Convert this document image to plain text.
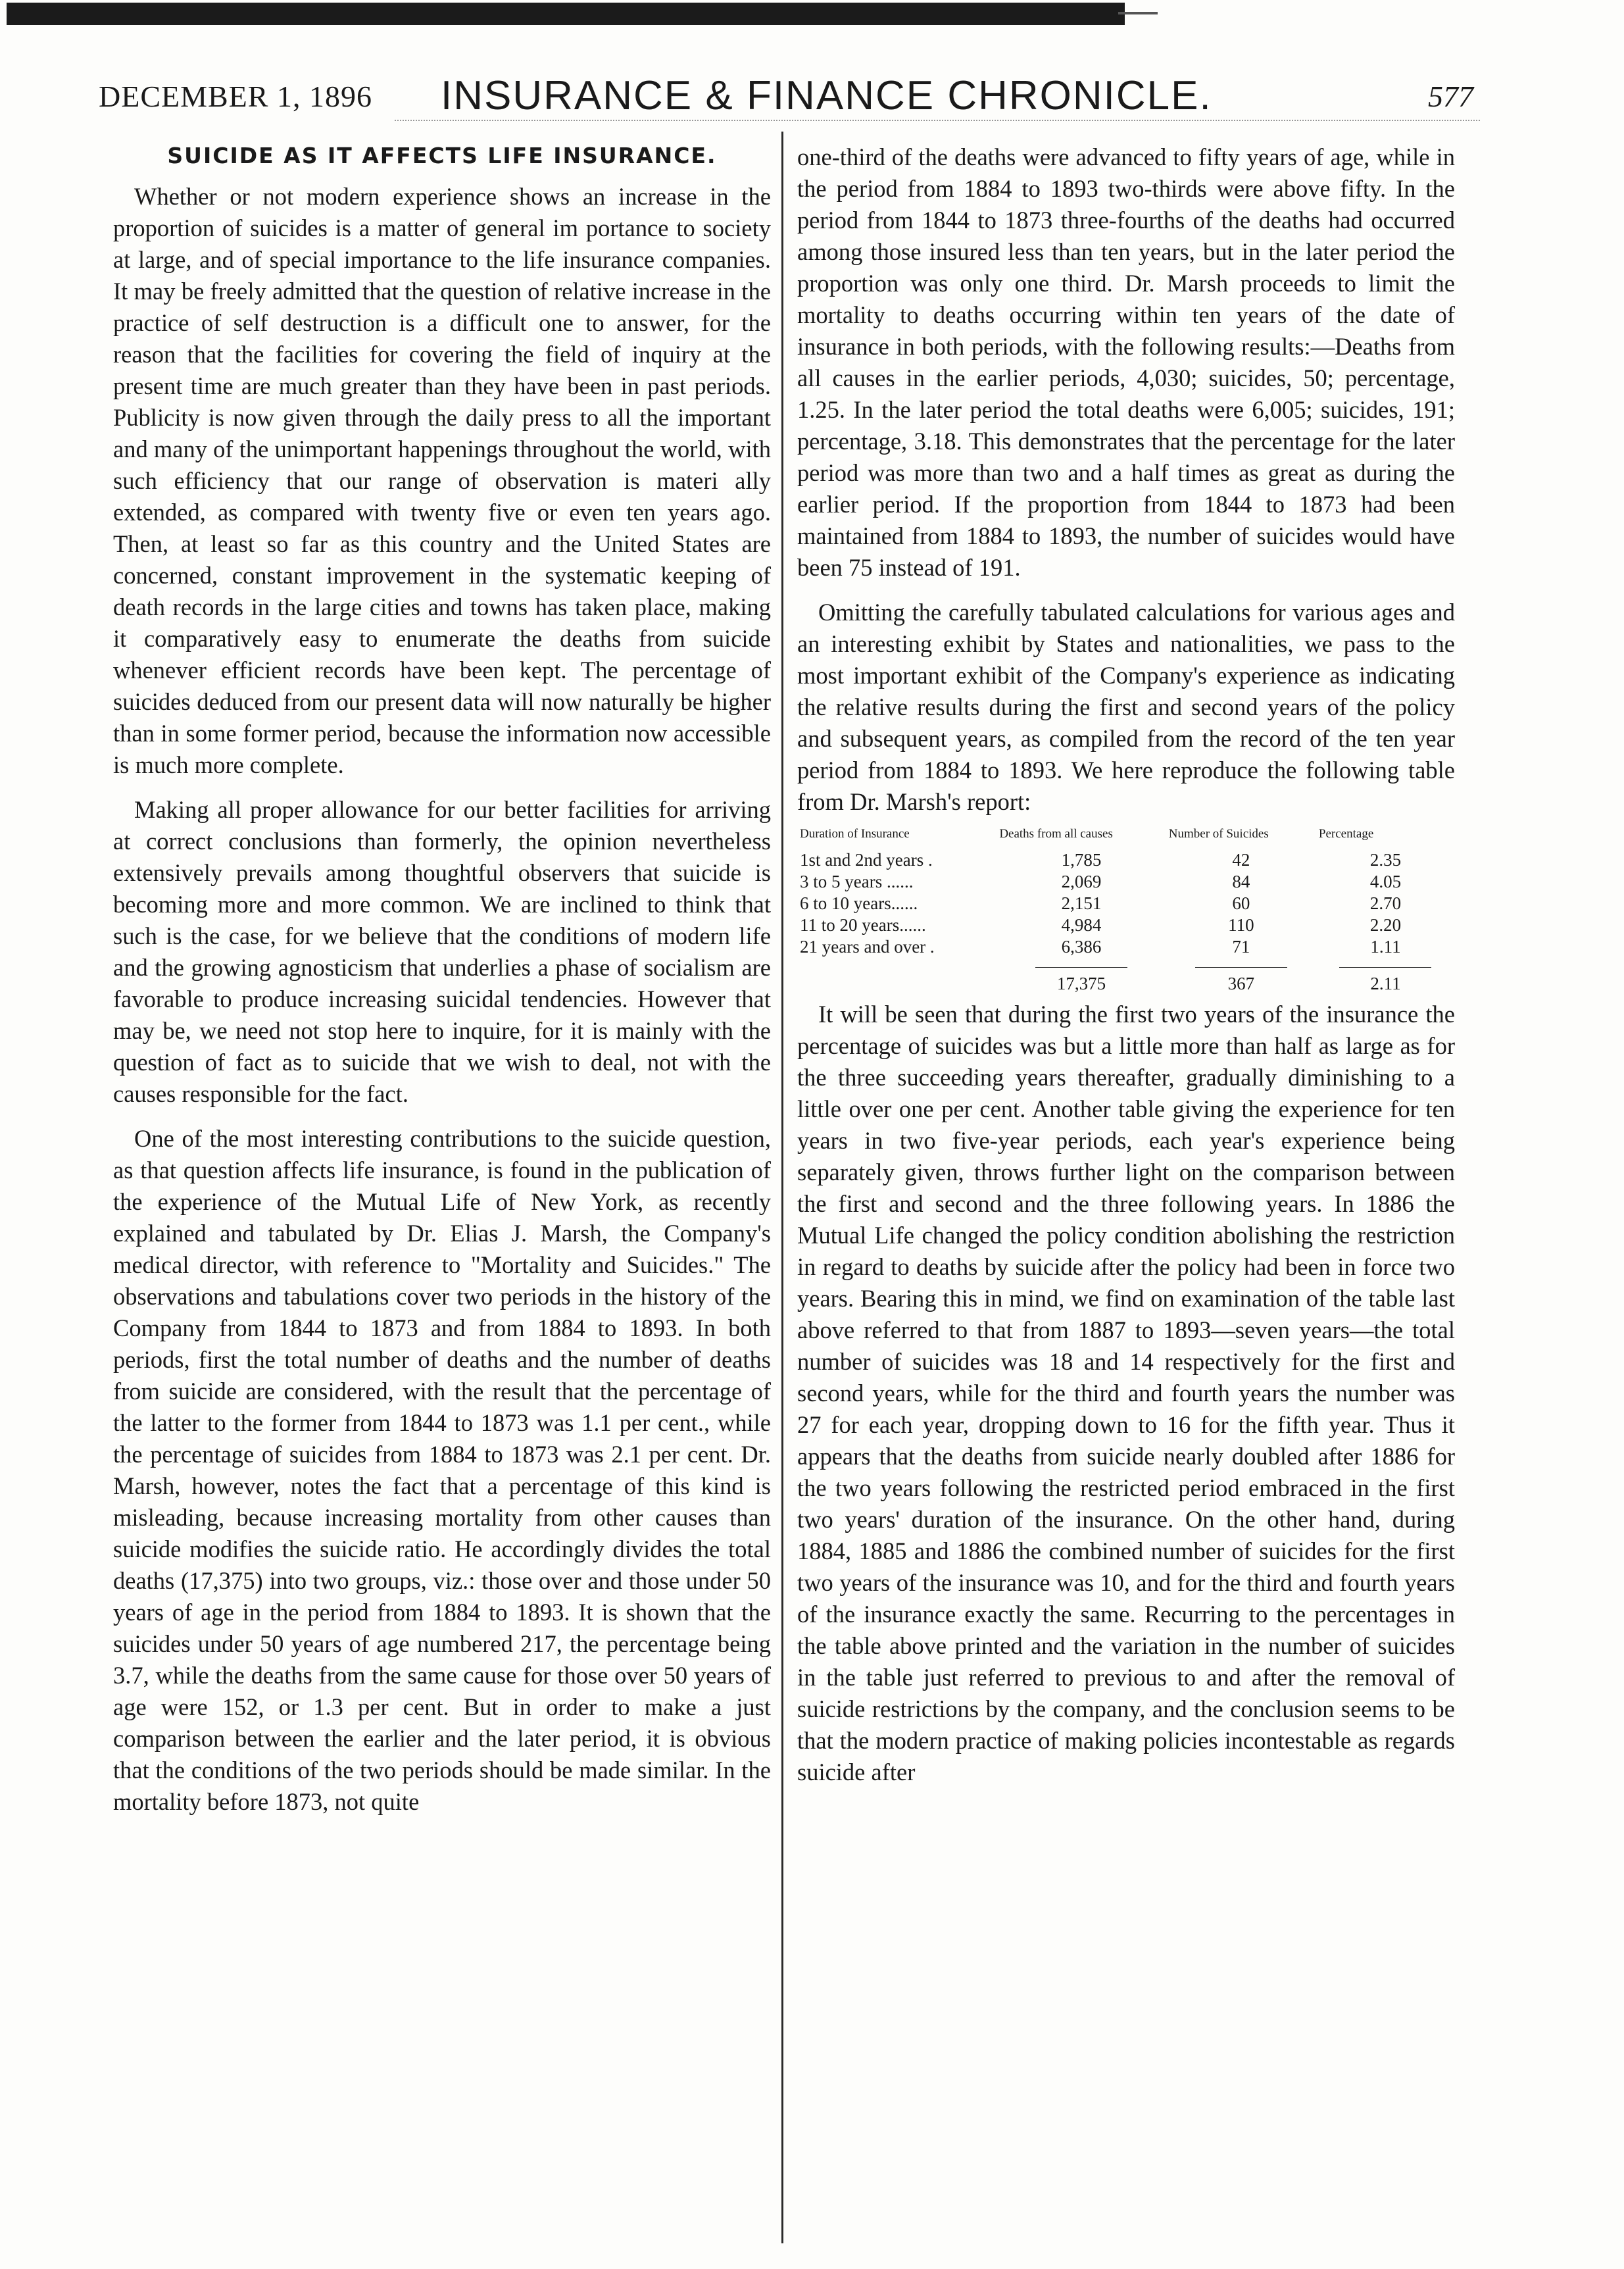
DECEMBER 1, 1896 INSURANCE & FINANCE CHRONICLE.	577
SUICIDE AS IT AFFECTS LIFE INSURANCE.

Whether or not modern experience shows an increase in the proportion of suicides is a matter of general im portance to society at large, and of special importance to the life insurance companies. It may be freely admitted that the question of relative increase in the practice of self destruction is a difficult one to answer, for the reason that the facilities for covering the field of inquiry at the present time are much greater than they have been in past periods. Publicity is now given through the daily press to all the important and many of the unimportant happenings throughout the world, with such efficiency that our range of observation is materi ally extended, as compared with twenty five or even ten years ago. Then, at least so far as this country and the United States are concerned, constant improvement in the systematic keeping of death records in the large cities and towns has taken place, making it comparatively easy to enumerate the deaths from suicide whenever efficient records have been kept. The percentage of suicides deduced from our present data will now naturally be higher than in some former period, because the information now accessible is much more complete.

Making all proper allowance for our better facilities for arriving at correct conclusions than formerly, the opinion nevertheless extensively prevails among thoughtful observers that suicide is becoming more and more common. We are inclined to think that such is the case, for we believe that the conditions of modern life and the growing agnosticism that underlies a phase of socialism are favorable to produce increasing suicidal tendencies. However that may be, we need not stop here to inquire, for it is mainly with the question of fact as to suicide that we wish to deal, not with the causes responsible for the fact.

One of the most interesting contributions to the suicide question, as that question affects life insurance, is found in the publication of the experience of the Mutual Life of New York, as recently explained and tabulated by Dr. Elias J. Marsh, the Company's medical director, with reference to "Mortality and Suicides." The observations and tabulations cover two periods in the history of the Company from 1844 to 1873 and from 1884 to 1893. In both periods, first the total number of deaths and the number of deaths from suicide are considered, with the result that the percentage of the latter to the former from 1844 to 1873 was 1.1 per cent., while the percentage of suicides from 1884 to 1873 was 2.1 per cent. Dr. Marsh, however, notes the fact that a percentage of this kind is misleading, because increasing mortality from other causes than suicide modifies the suicide ratio. He accordingly divides the total deaths (17,375) into two groups, viz.: those over and those under 50 years of age in the period from 1884 to 1893. It is shown that the suicides under 50 years of age numbered 217, the percentage being 3.7, while the deaths from the same cause for those over 50 years of age were 152, or 1.3 per cent. But in order to make a just comparison between the earlier and the later period, it is obvious that the conditions of the two periods should be made similar. In the mortality before 1873, not quite

one-third of the deaths were advanced to fifty years of age, while in the period from 1884 to 1893 two-thirds were above fifty. In the period from 1844 to 1873 three-fourths of the deaths had occurred among those insured less than ten years, but in the later period the proportion was only one third. Dr. Marsh proceeds to limit the mortality to deaths occurring within ten years of the date of insurance in both periods, with the following results:—Deaths from all causes in the earlier periods, 4,030; suicides, 50; percentage, 1.25. In the later period the total deaths were 6,005; suicides, 191; percentage, 3.18. This demonstrates that the percentage for the later period was more than two and a half times as great as during the earlier period. If the proportion from 1844 to 1873 had been maintained from 1884 to 1893, the number of suicides would have been 75 instead of 191.

Omitting the carefully tabulated calculations for various ages and an interesting exhibit by States and nationalities, we pass to the most important exhibit of the Company's experience as indicating the relative results during the first and second years of the policy and subsequent years, as compiled from the record of the ten year period from 1884 to 1893. We here reproduce the following table from Dr. Marsh's report:

Duration of Insurance	Deaths from all causes	Number of Suicides	Percentage
1st and 2nd years .	1,785	42	2.35
3 to 5 years ......	2,069	84	4.05
6 to 10 years......	2,151	60	2.70
11 to 20 years......	4,984	110	2.20
21 years and over .	6,386	71	1.11
	17,375	367	2.11

It will be seen that during the first two years of the insurance the percentage of suicides was but a little more than half as large as for the three succeeding years thereafter, gradually diminishing to a little over one per cent. Another table giving the experience for ten years in two five-year periods, each year's experience being separately given, throws further light on the comparison between the first and second and the three following years. In 1886 the Mutual Life changed the policy condition abolishing the restriction in regard to deaths by suicide after the policy had been in force two years. Bearing this in mind, we find on examination of the table last above referred to that from 1887 to 1893—seven years—the total number of suicides was 18 and 14 respectively for the first and second years, while for the third and fourth years the number was 27 for each year, dropping down to 16 for the fifth year. Thus it appears that the deaths from suicide nearly doubled after 1886 for the two years following the restricted period embraced in the first two years' duration of the insurance. On the other hand, during 1884, 1885 and 1886 the combined number of suicides for the first two years of the insurance was 10, and for the third and fourth years of the insurance exactly the same. Recurring to the percentages in the table above printed and the variation in the number of suicides in the table just referred to previous to and after the removal of suicide restrictions by the company, and the conclusion seems to be that the modern practice of making policies incontestable as regards suicide after
